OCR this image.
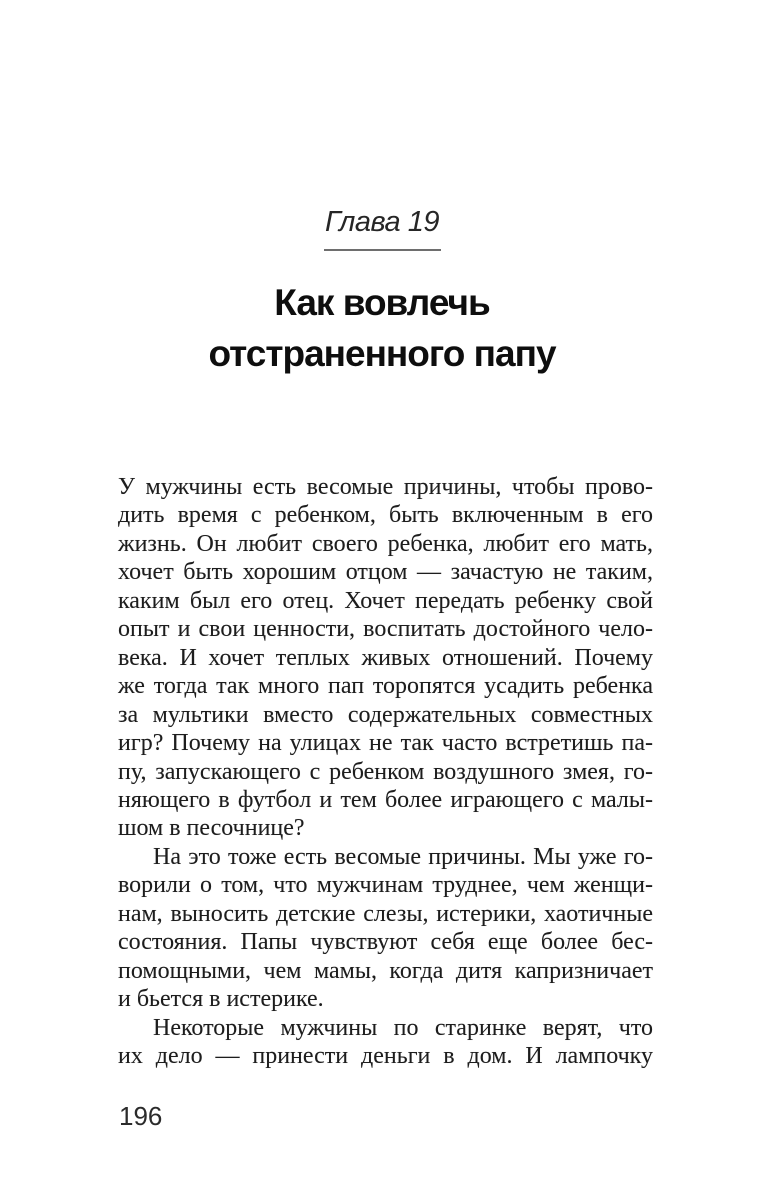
Глава 19
Как вовлечь
отстраненного папу
У мужчины есть весомые причины, чтобы прово-
дить время с ребенком, быть включенным в его
жизнь. Он любит своего ребенка, любит его мать,
хочет быть хорошим отцом — зачастую не таким,
каким был его отец. Хочет передать ребенку свой
опыт и свои ценности, воспитать достойного чело-
века. И хочет теплых живых отношений. Почему
же тогда так много пап торопятся усадить ребенка
за мультики вместо содержательных совместных
игр? Почему на улицах не так часто встретишь па-
пу, запускающего с ребенком воздушного змея, го-
няющего в футбол и тем более играющего с малы-
шом в песочнице?
На это тоже есть весомые причины. Мы уже го-
ворили о том, что мужчинам труднее, чем женщи-
нам, выносить детские слезы, истерики, хаотичные
состояния. Папы чувствуют себя еще более бес-
помощными, чем мамы, когда дитя капризничает
и бьется в истерике.
Некоторые мужчины по старинке верят, что
их дело — принести деньги в дом. И лампочку
196
